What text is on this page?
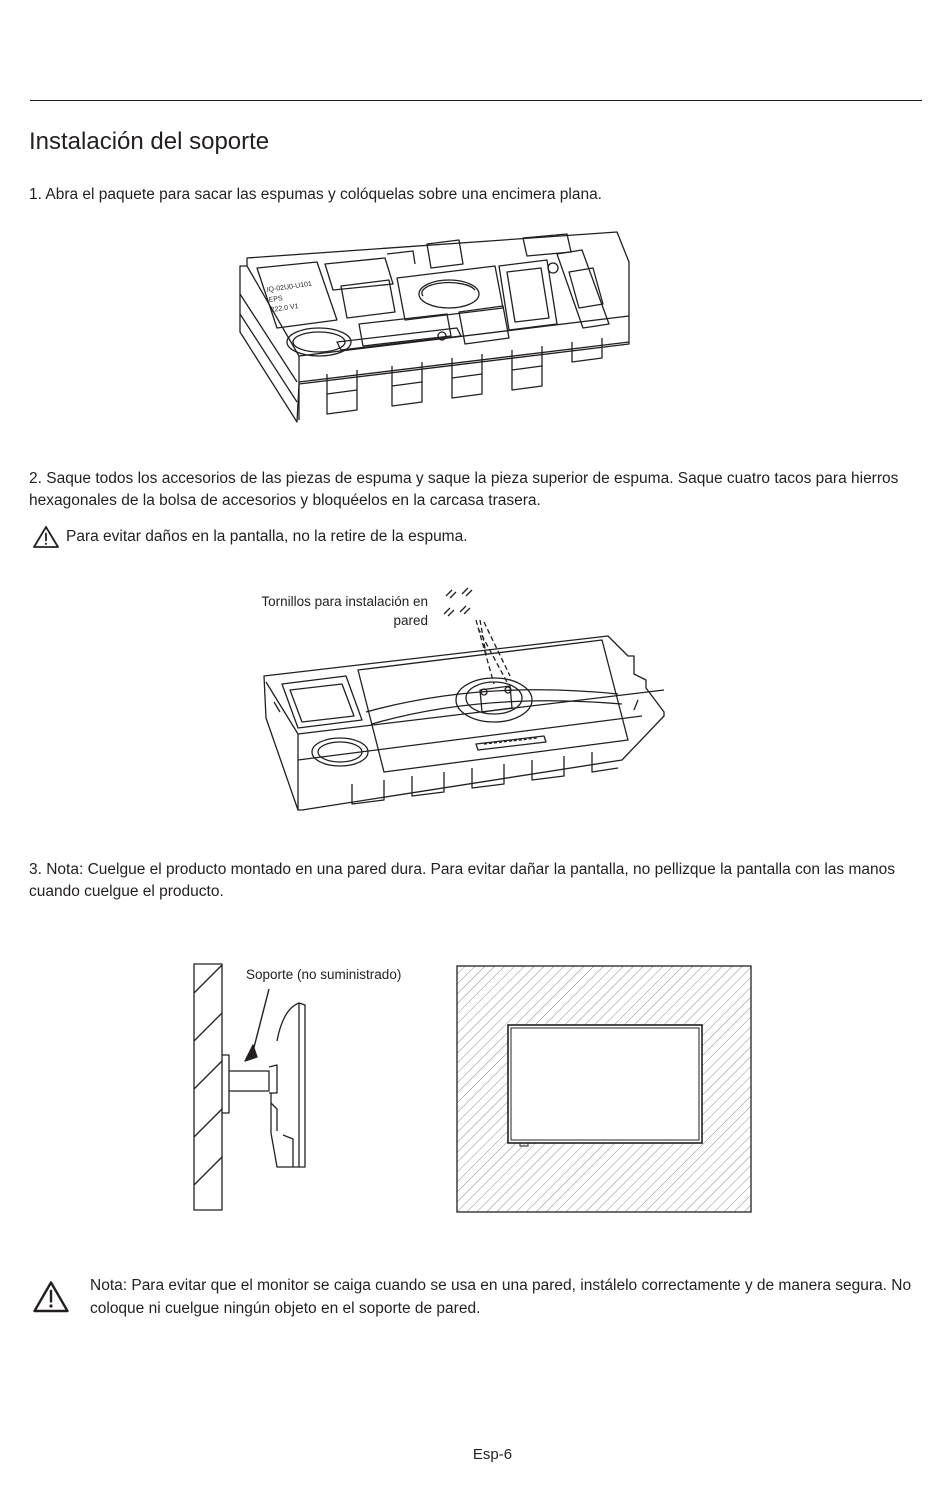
Instalación del soporte

1. Abra el paquete para sacar las espumas y colóquelas sobre una encimera plana.

IQ-02U0-U101
EPS
222.0 V1

2. Saque todos los accesorios de las piezas de espuma y saque la pieza superior de espuma. Saque cuatro tacos para hierros hexagonales de la bolsa de accesorios y bloquéelos en la carcasa trasera.

Para evitar daños en la pantalla, no la retire de la espuma.
Tornillos para instalación en pared

3. Nota: Cuelgue el producto montado en una pared dura. Para evitar dañar la pantalla, no pellizque la pantalla con las manos cuando cuelgue el producto.

Soporte (no suministrado)
Nota: Para evitar que el monitor se caiga cuando se usa en una pared, instálelo correctamente y de manera segura. No coloque ni cuelgue ningún objeto en el soporte de pared.
Esp-6
